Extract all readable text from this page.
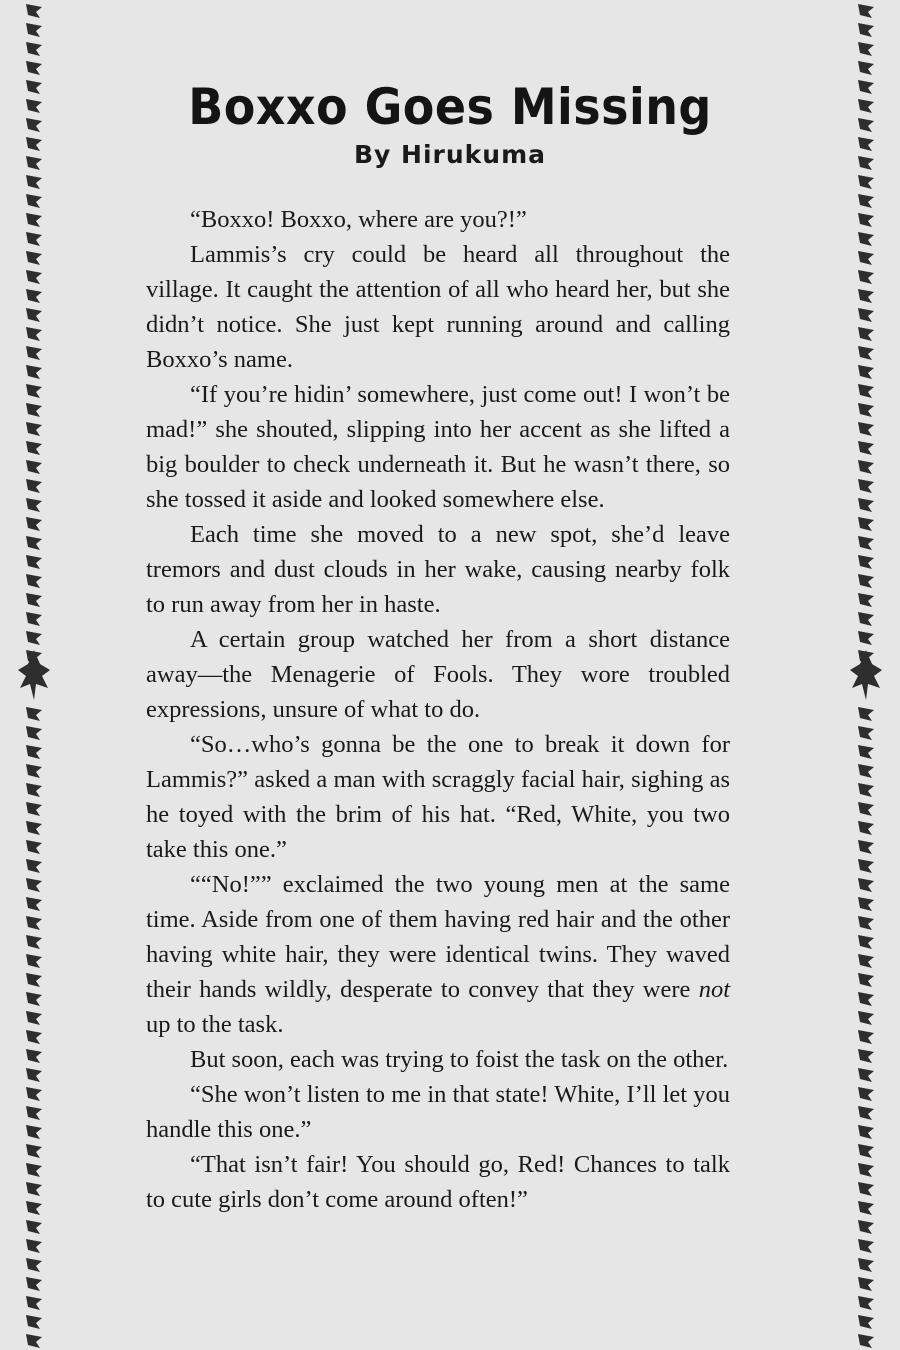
Boxxo Goes Missing
By Hirukuma

“Boxxo! Boxxo, where are you?!”

Lammis’s cry could be heard all throughout the village. It caught the attention of all who heard her, but she didn’t notice. She just kept running around and calling Boxxo’s name.

“If you’re hidin’ somewhere, just come out! I won’t be mad!” she shouted, slipping into her accent as she lifted a big boulder to check underneath it. But he wasn’t there, so she tossed it aside and looked somewhere else.

Each time she moved to a new spot, she’d leave tremors and dust clouds in her wake, causing nearby folk to run away from her in haste.

A certain group watched her from a short distance away—the Menagerie of Fools. They wore troubled expressions, unsure of what to do.

“So…who’s gonna be the one to break it down for Lammis?” asked a man with scraggly facial hair, sighing as he toyed with the brim of his hat. “Red, White, you two take this one.”

““No!”” exclaimed the two young men at the same time. Aside from one of them having red hair and the other having white hair, they were identical twins. They waved their hands wildly, desperate to convey that they were not up to the task.

But soon, each was trying to foist the task on the other.

“She won’t listen to me in that state! White, I’ll let you handle this one.”

“That isn’t fair! You should go, Red! Chances to talk to cute girls don’t come around often!”
